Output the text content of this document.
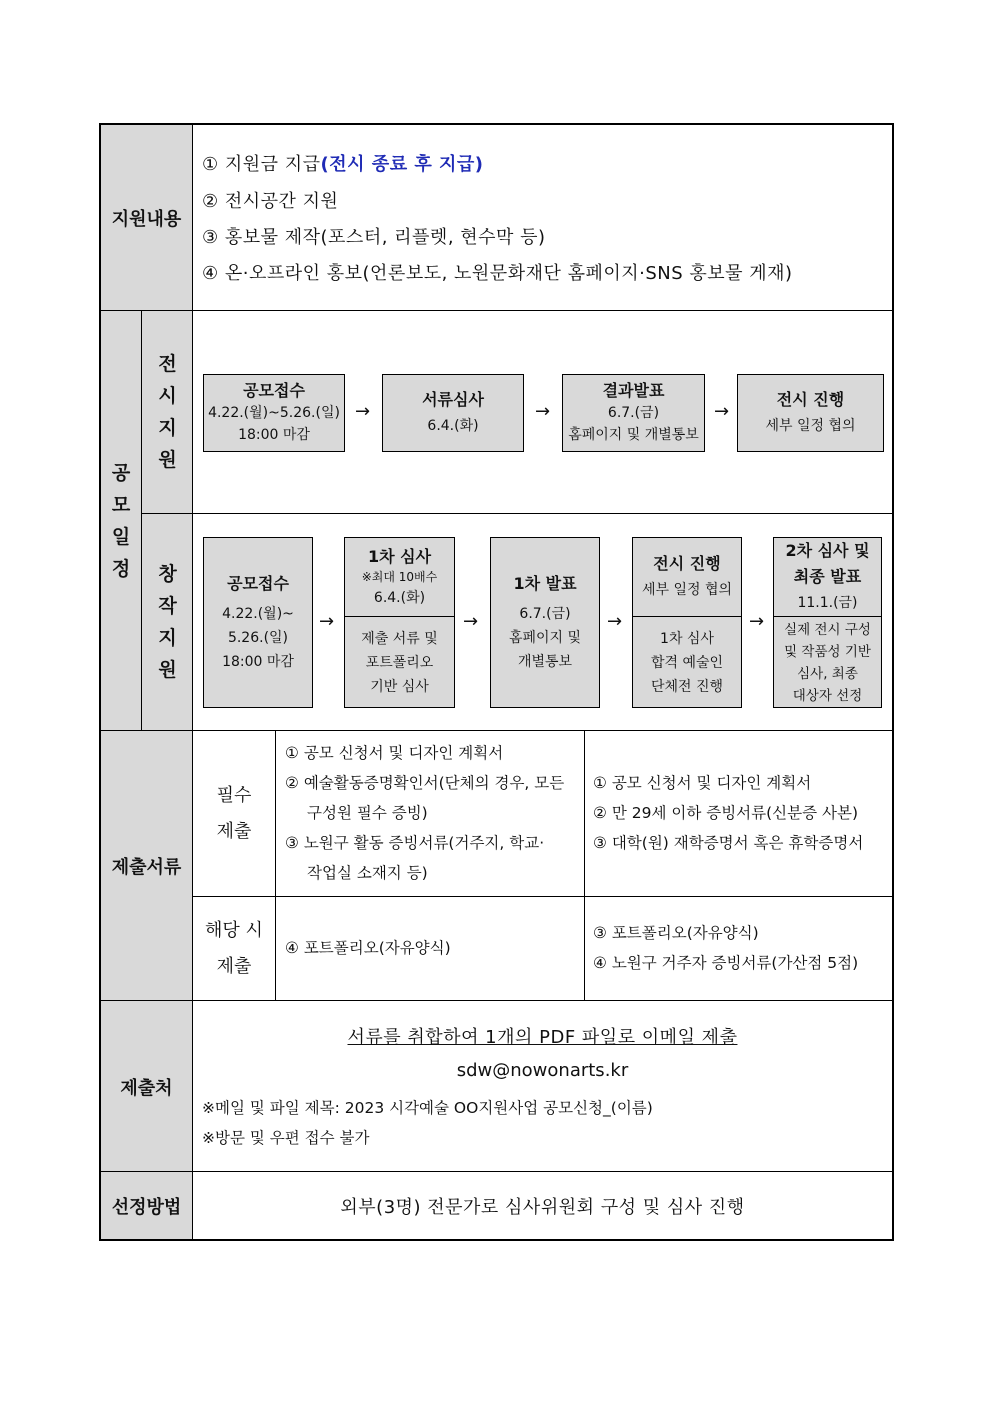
지원내용
공
모
일
정
전
시
지
원
창
작
지
원
제출서류
제출처
선정방법
① 지원금 지급(전시 종료 후 지급)
② 전시공간 지원
③ 홍보물 제작(포스터, 리플렛, 현수막 등)
④ 온·오프라인 홍보(언론보도, 노원문화재단 홈페이지·SNS 홍보물 게재)
공모접수
4.22.(월)~5.26.(일)
18:00 마감
→
서류심사
6.4.(화)
→
결과발표
6.7.(금)
홈페이지 및 개별통보
→
전시 진행
세부 일정 협의
공모접수
4.22.(월)~
5.26.(일)
18:00 마감
→
1차 심사
※최대 10배수
6.4.(화)
제출 서류 및
포트폴리오
기반 심사
→
1차 발표
6.7.(금)
홈페이지 및
개별통보
→
전시 진행
세부 일정 협의
1차 심사
합격 예술인
단체전 진행
→
2차 심사 및
최종 발표
11.1.(금)
실제 전시 구성
및 작품성 기반
심사, 최종
대상자 선정
필수
제출
① 공모 신청서 및 디자인 계획서
② 예술활동증명확인서(단체의 경우, 모든
구성원 필수 증빙)
③ 노원구 활동 증빙서류(거주지, 학교·
작업실 소재지 등)
① 공모 신청서 및 디자인 계획서
② 만 29세 이하 증빙서류(신분증 사본)
③ 대학(원) 재학증명서 혹은 휴학증명서
해당 시
제출
④ 포트폴리오(자유양식)
③ 포트폴리오(자유양식)
④ 노원구 거주자 증빙서류(가산점 5점)
서류를 취합하여 1개의 PDF 파일로 이메일 제출
sdw@nowonarts.kr
※메일 및 파일 제목: 2023 시각예술 OO지원사업 공모신청_(이름)
※방문 및 우편 접수 불가
외부(3명) 전문가로 심사위원회 구성 및 심사 진행
